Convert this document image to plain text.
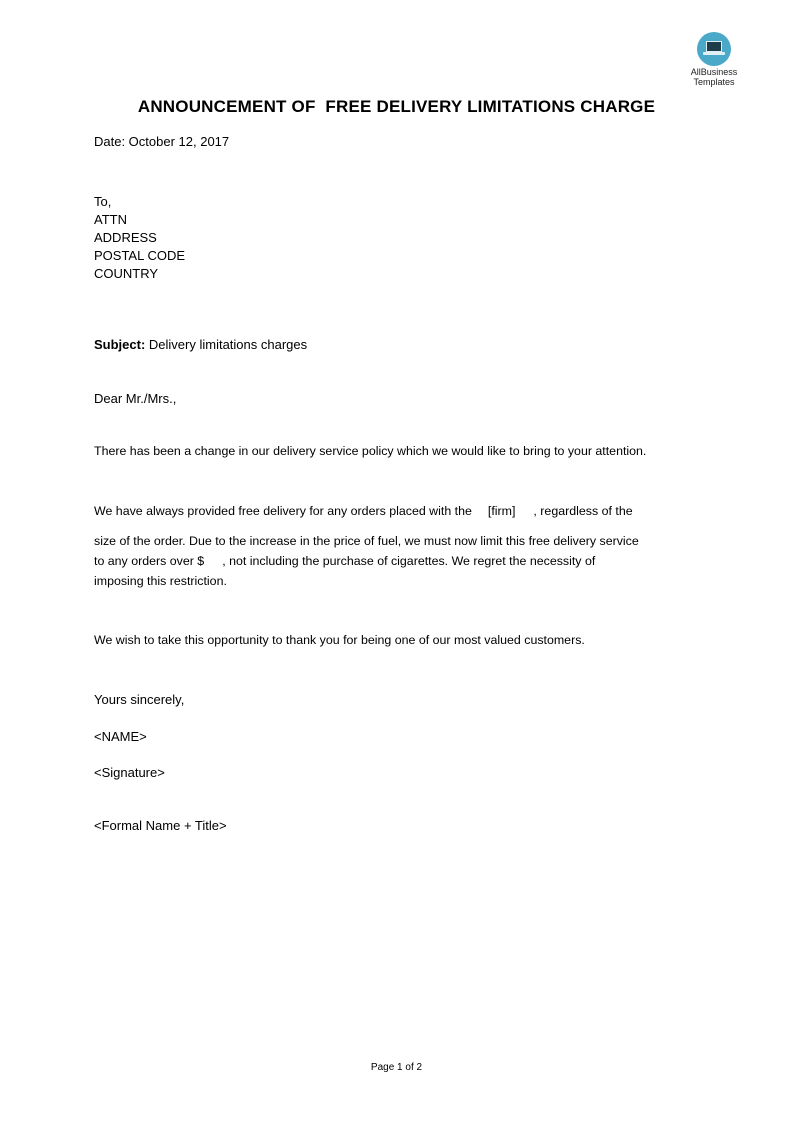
AllBusiness
Templates
ANNOUNCEMENT OF  FREE DELIVERY LIMITATIONS CHARGE
Date: October 12, 2017
To,
ATTN
ADDRESS
POSTAL CODE
COUNTRY
Subject: Delivery limitations charges
Dear Mr./Mrs.,
There has been a change in our delivery service policy which we would like to bring to your attention.
We have always provided free delivery for any orders placed with the [firm] , regardless of the
size of the order. Due to the increase in the price of fuel, we must now limit this free delivery service
to any orders over $ , not including the purchase of cigarettes. We regret the necessity of
imposing this restriction.
We wish to take this opportunity to thank you for being one of our most valued customers.
Yours sincerely,
<NAME>
<Signature>
<Formal Name + Title>
Page 1 of 2
